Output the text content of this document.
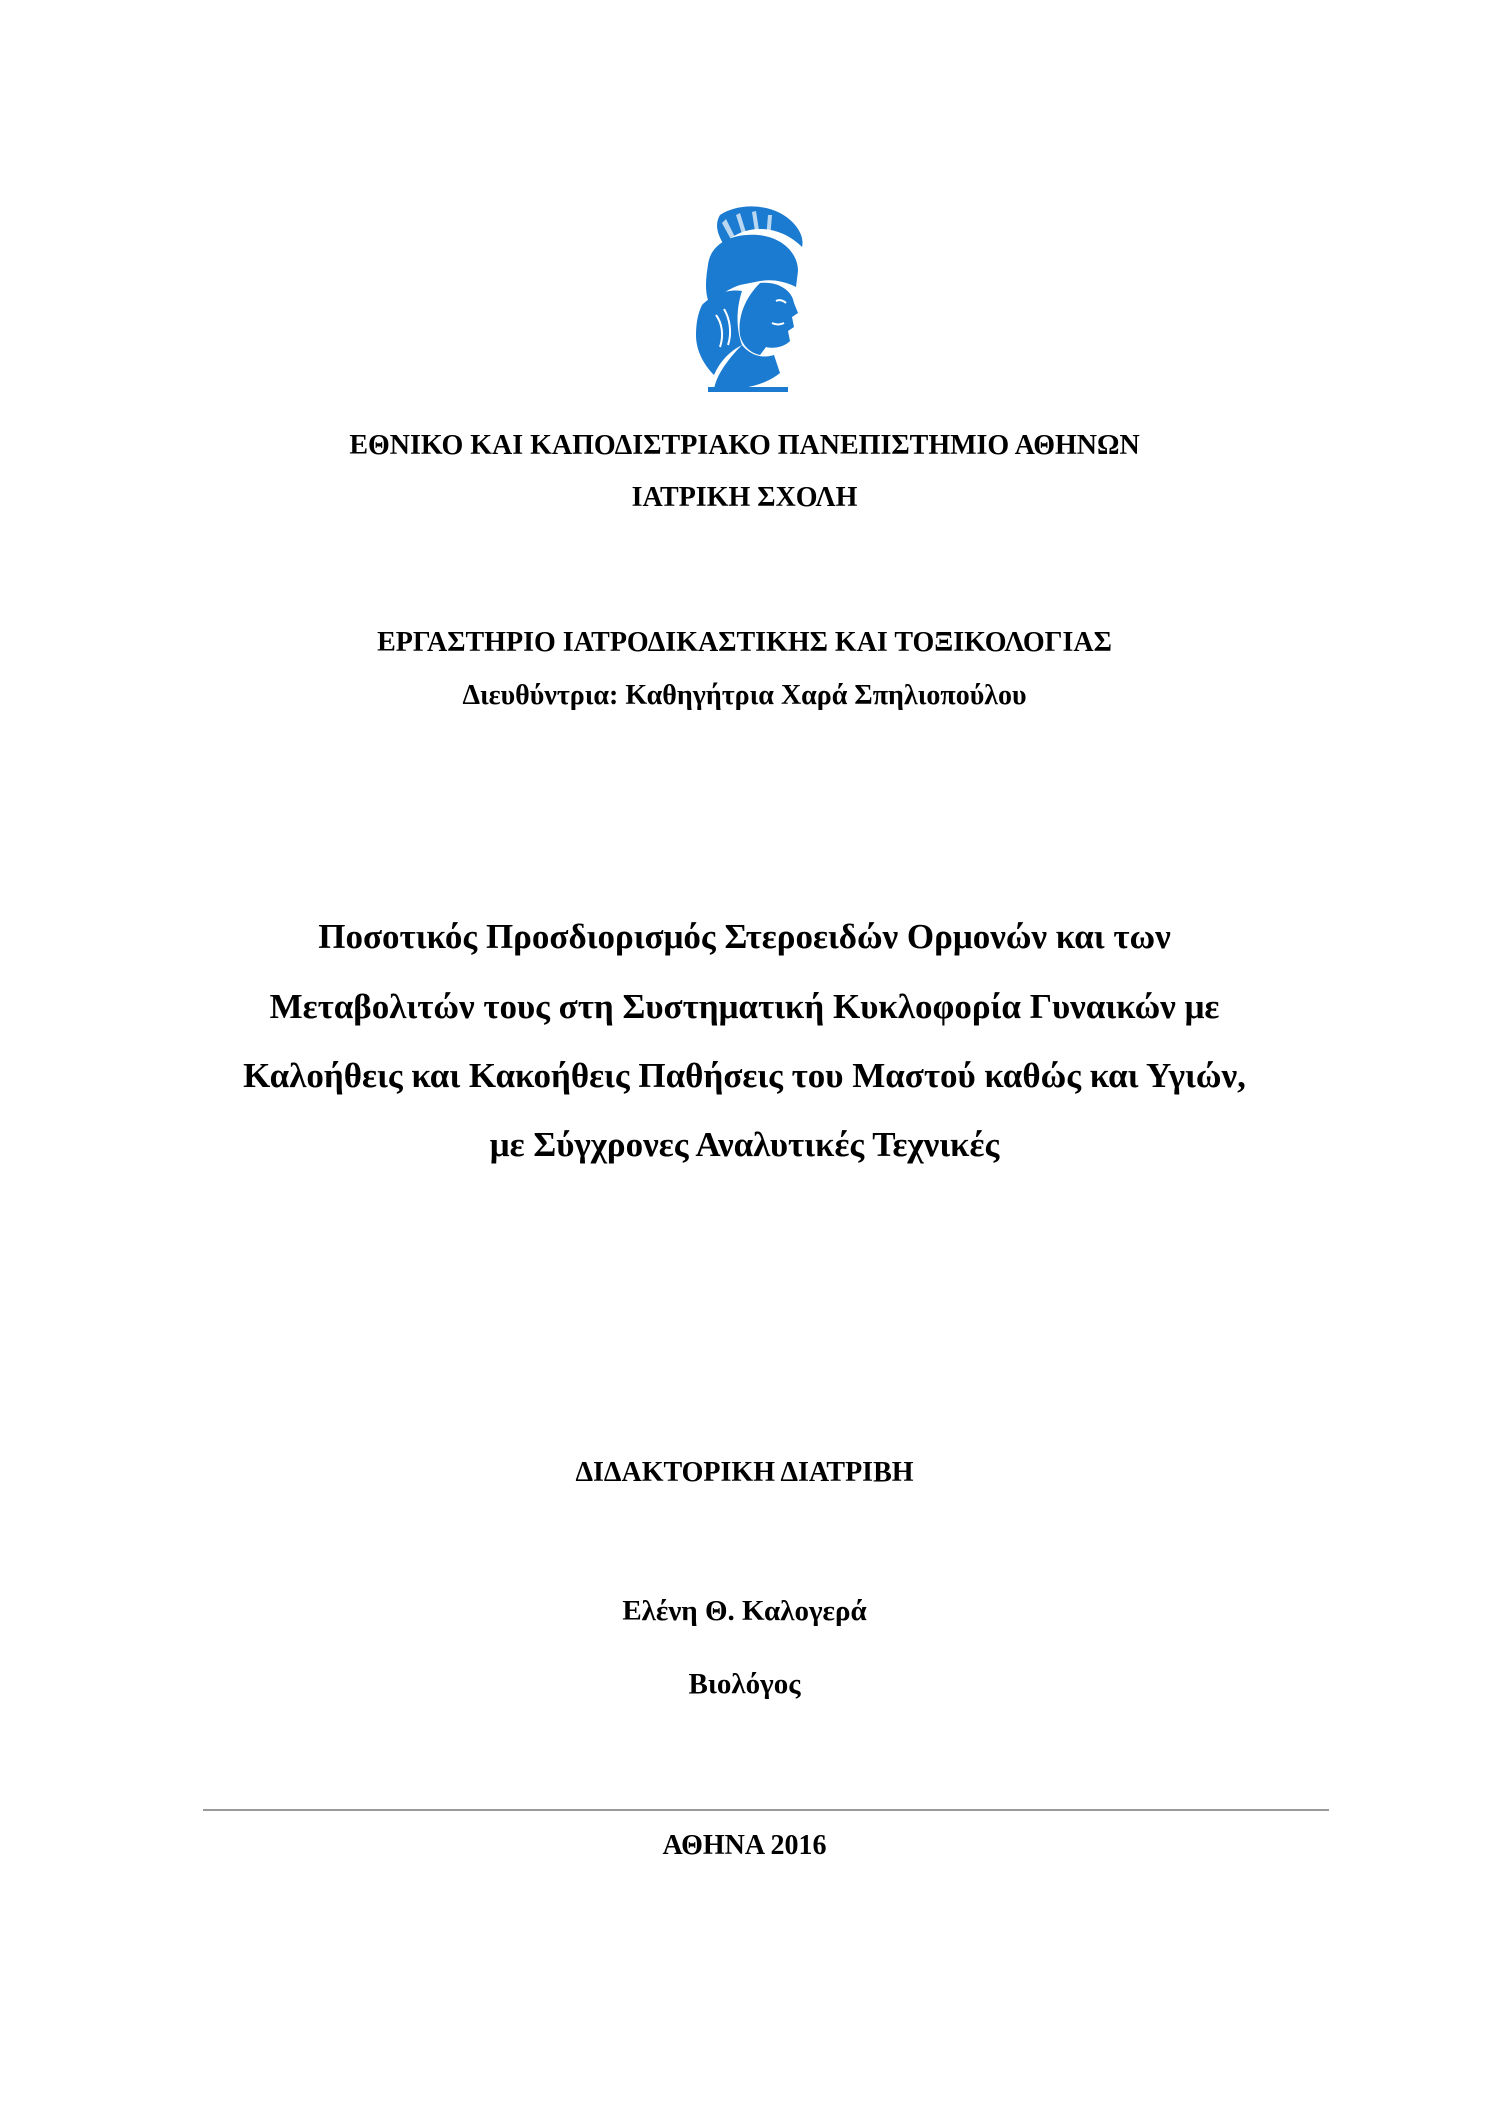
ΕΘΝΙΚΟ ΚΑΙ ΚΑΠΟΔΙΣΤΡΙΑΚΟ ΠΑΝΕΠΙΣΤΗΜΙΟ ΑΘΗΝΩΝ
ΙΑΤΡΙΚΗ ΣΧΟΛΗ
ΕΡΓΑΣΤΗΡΙΟ ΙΑΤΡΟΔΙΚΑΣΤΙΚΗΣ ΚΑΙ ΤΟΞΙΚΟΛΟΓΙΑΣ
Διευθύντρια: Καθηγήτρια Χαρά Σπηλιοπούλου
Ποσοτικός Προσδιορισμός Στεροειδών Ορμονών και των
Μεταβολιτών τους στη Συστηματική Κυκλοφορία Γυναικών με
Καλοήθεις και Κακοήθεις Παθήσεις του Μαστού καθώς και Υγιών,
με Σύγχρονες Αναλυτικές Τεχνικές
ΔΙΔΑΚΤΟΡΙΚΗ ΔΙΑΤΡΙΒΗ
Ελένη Θ. Καλογερά
Βιολόγος
ΑΘΗΝΑ 2016
